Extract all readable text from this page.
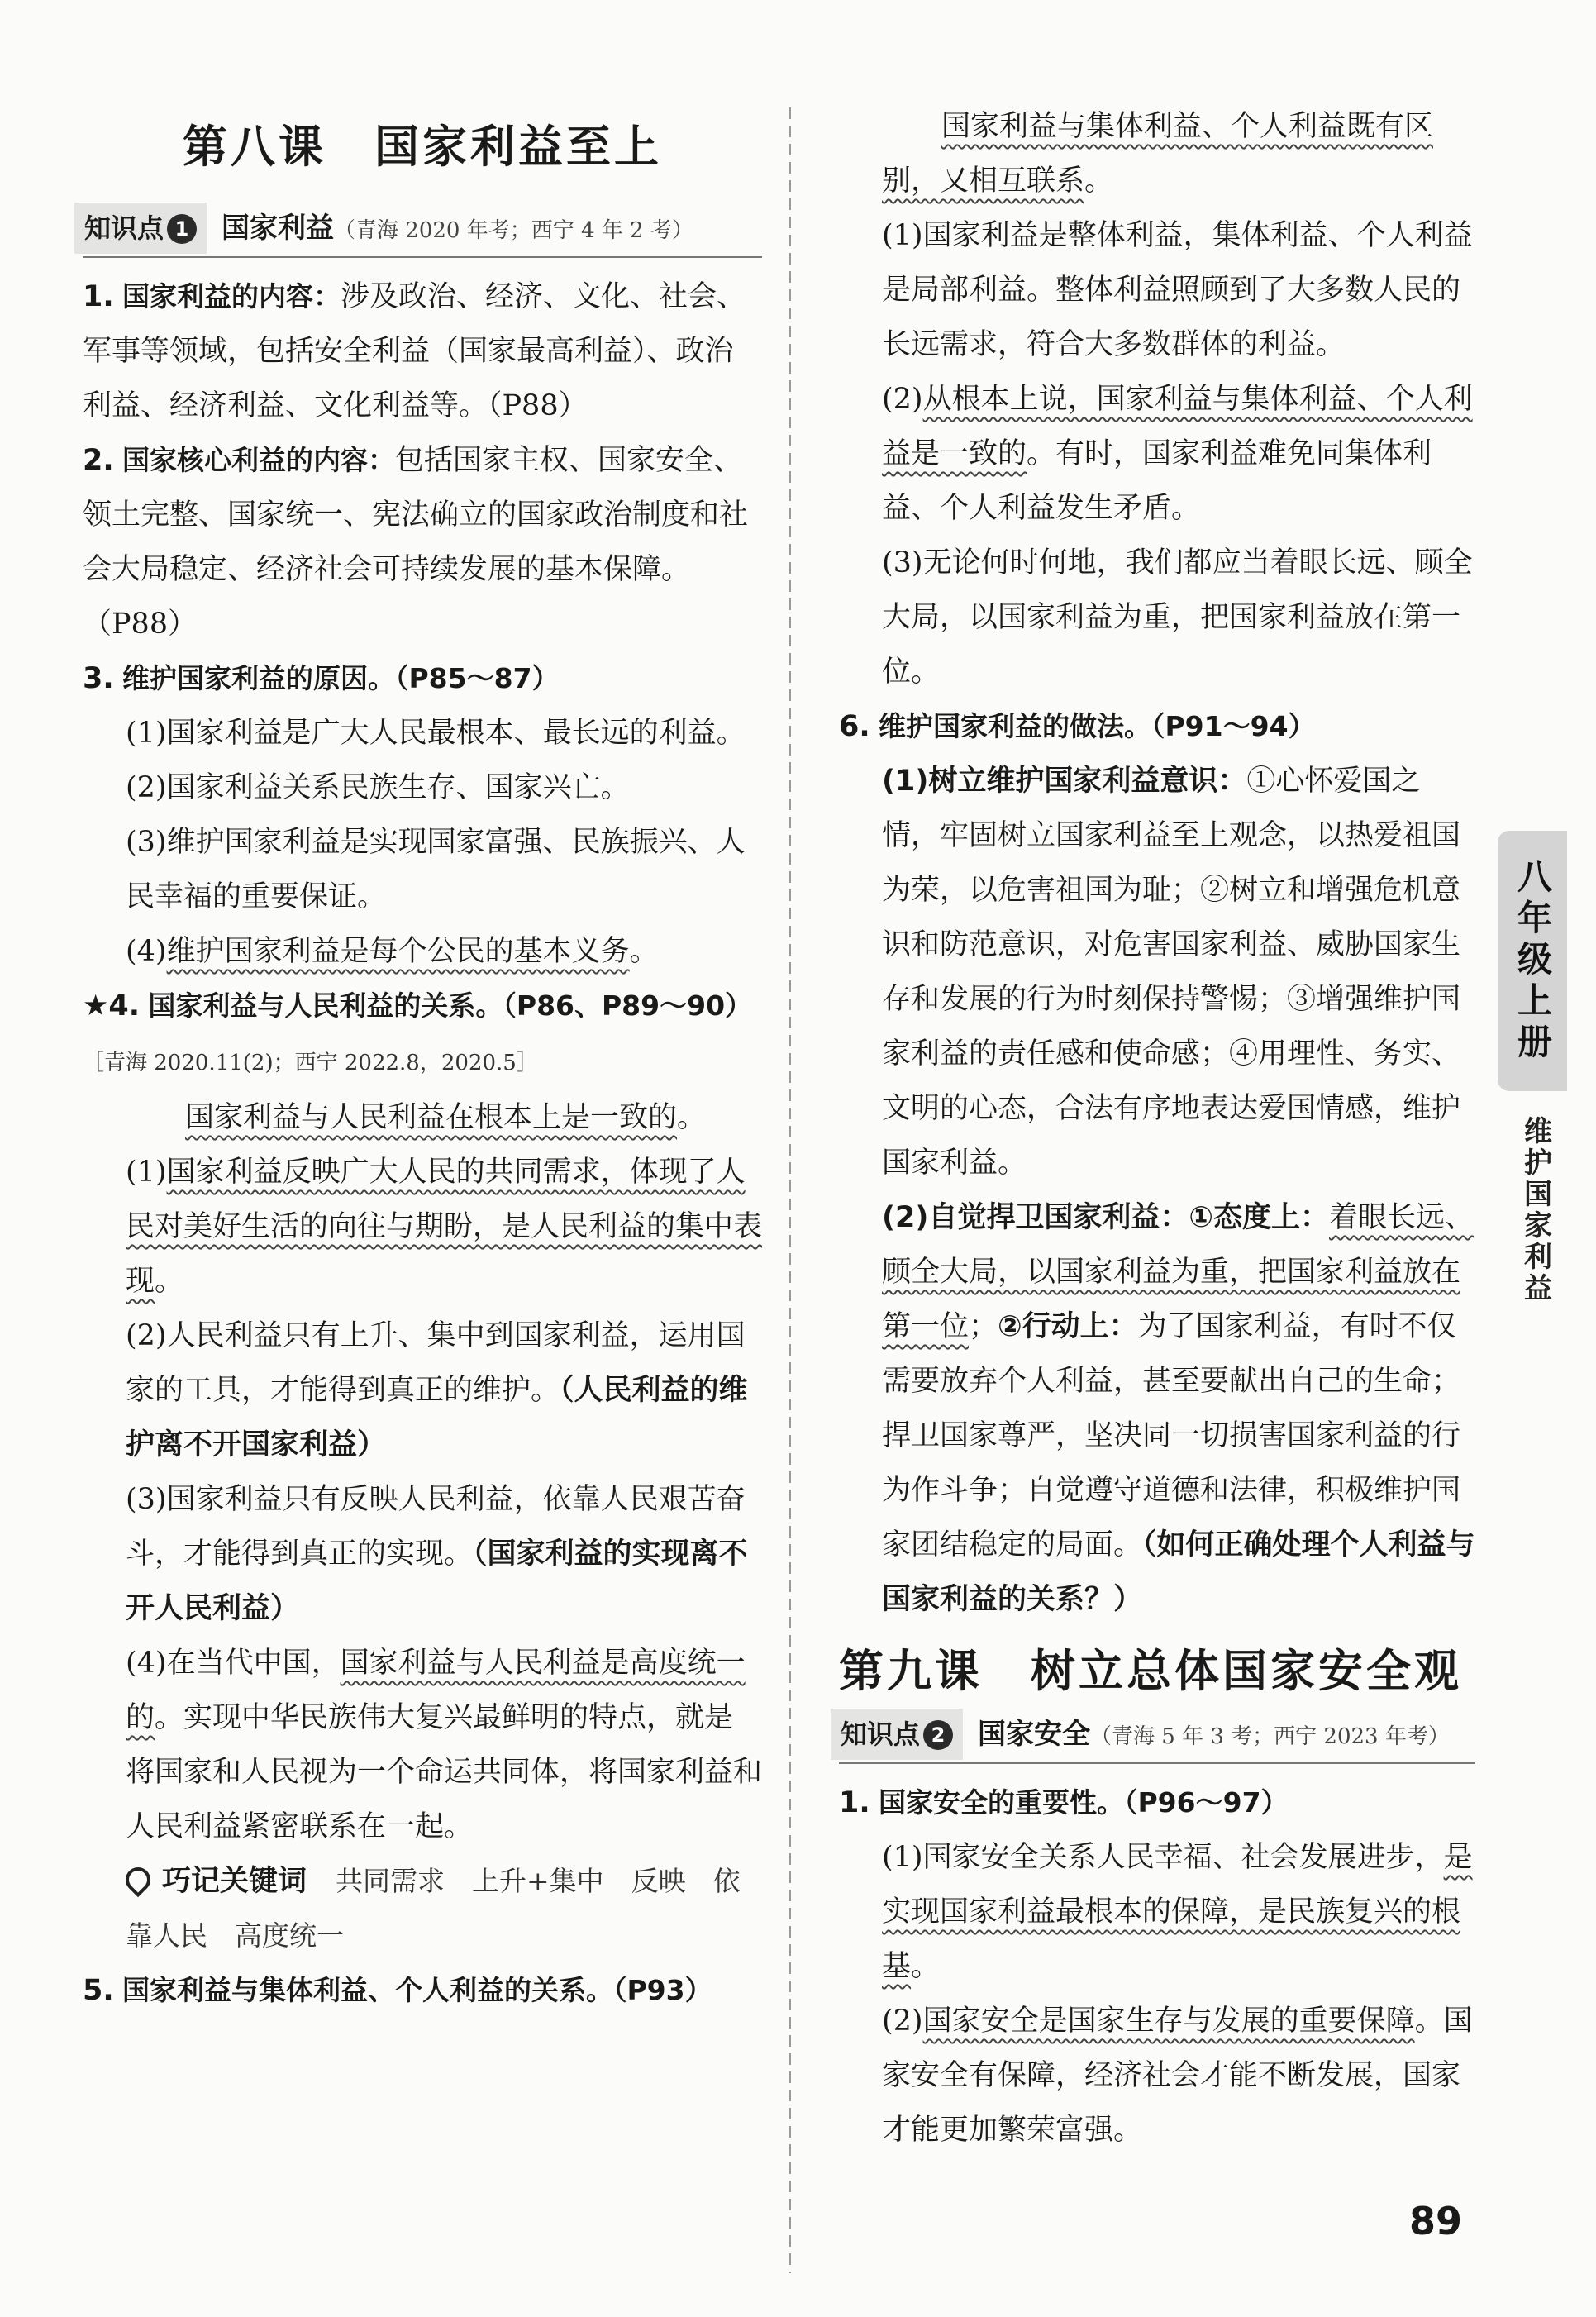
第八课　国家利益至上
知识点 1 国家利益（青海 2020 年考；西宁 4 年 2 考）

1. 国家利益的内容：涉及政治、经济、文化、社会、军事等领域，包括安全利益（国家最高利益）、政治利益、经济利益、文化利益等。（P88）

2. 国家核心利益的内容：包括国家主权、国家安全、领土完整、国家统一、宪法确立的国家政治制度和社会大局稳定、经济社会可持续发展的基本保障。（P88）

3. 维护国家利益的原因。（P85～87）

(1)国家利益是广大人民最根本、最长远的利益。

(2)国家利益关系民族生存、国家兴亡。

(3)维护国家利益是实现国家富强、民族振兴、人民幸福的重要保证。

(4)维护国家利益是每个公民的基本义务。

★4. 国家利益与人民利益的关系。（P86、P89～90）［青海 2020.11(2)；西宁 2022.8，2020.5］

国家利益与人民利益在根本上是一致的。

(1)国家利益反映广大人民的共同需求，体现了人民对美好生活的向往与期盼，是人民利益的集中表现。

(2)人民利益只有上升、集中到国家利益，运用国家的工具，才能得到真正的维护。（人民利益的维护离不开国家利益）

(3)国家利益只有反映人民利益，依靠人民艰苦奋斗，才能得到真正的实现。（国家利益的实现离不开人民利益）

(4)在当代中国，国家利益与人民利益是高度统一的。实现中华民族伟大复兴最鲜明的特点，就是将国家和人民视为一个命运共同体，将国家利益和人民利益紧密联系在一起。

巧记关键词　 共同需求　上升+集中　反映　依靠人民　高度统一

5. 国家利益与集体利益、个人利益的关系。（P93）

国家利益与集体利益、个人利益既有区别，又相互联系。

(1)国家利益是整体利益，集体利益、个人利益是局部利益。整体利益照顾到了大多数人民的长远需求，符合大多数群体的利益。

(2)从根本上说，国家利益与集体利益、个人利益是一致的。有时，国家利益难免同集体利益、个人利益发生矛盾。

(3)无论何时何地，我们都应当着眼长远、顾全大局，以国家利益为重，把国家利益放在第一位。

6. 维护国家利益的做法。（P91～94）

(1)树立维护国家利益意识：①心怀爱国之情，牢固树立国家利益至上观念，以热爱祖国为荣，以危害祖国为耻；②树立和增强危机意识和防范意识，对危害国家利益、威胁国家生存和发展的行为时刻保持警惕；③增强维护国家利益的责任感和使命感；④用理性、务实、文明的心态，合法有序地表达爱国情感，维护国家利益。

(2)自觉捍卫国家利益：①态度上：着眼长远、顾全大局，以国家利益为重，把国家利益放在第一位；②行动上：为了国家利益，有时不仅需要放弃个人利益，甚至要献出自己的生命；捍卫国家尊严，坚决同一切损害国家利益的行为作斗争；自觉遵守道德和法律，积极维护国家团结稳定的局面。（如何正确处理个人利益与国家利益的关系？）

第九课　树立总体国家安全观
知识点 2 国家安全（青海 5 年 3 考；西宁 2023 年考）

1. 国家安全的重要性。（P96～97）

(1)国家安全关系人民幸福、社会发展进步，是实现国家利益最根本的保障，是民族复兴的根基。

(2)国家安全是国家生存与发展的重要保障。国家安全有保障，经济社会才能不断发展，国家才能更加繁荣富强。

八年级上册
维护国家利益
89
